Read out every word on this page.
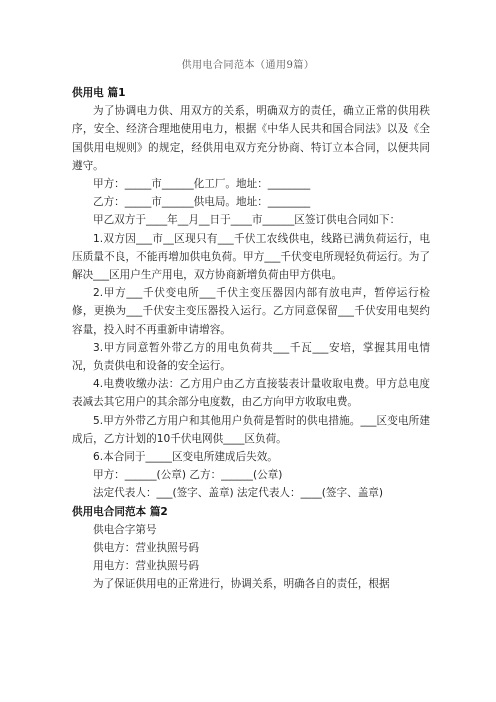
供用电合同范本（通用9篇）
供用电 篇1

为了协调电力供、用双方的关系，明确双方的责任，确立正常的供用秩序，安全、经济合理地使用电力，根据《中华人民共和国合同法》以及《全国供用电规则》的规定，经供用电双方充分协商、特订立本合同，以便共同遵守。

甲方：_____市______化工厂。地址：________

乙方：_____市______供电局。地址：________

甲乙双方于____年__月__日于____市______区签订供电合同如下：

1.双方因___市__区现只有___千伏工农线供电，线路已满负荷运行，电压质量不良，不能再增加供电负荷。甲方___千伏变电所现轻负荷运行。为了解决___区用户生产用电，双方协商新增负荷由甲方供电。

2.甲方___千伏变电所___千伏主变压器因内部有放电声，暂停运行检修，更换为___千伏安主变压器投入运行。乙方同意保留___千伏安用电契约容量，投入时不再重新申请增容。

3.甲方同意暂外带乙方的用电负荷共___千瓦___安培，掌握其用电情况，负责供电和设备的安全运行。

4.电费收缴办法：乙方用户由乙方直接装表计量收取电费。甲方总电度表减去其它用户的其余部分电度数，由乙方向甲方收取电费。

5.甲方外带乙方用户和其他用户负荷是暂时的供电措施。___区变电所建成后，乙方计划的10千伏电网供____区负荷。

6.本合同于_____区变电所建成后失效。

甲方：______(公章) 乙方：______(公章)

法定代表人：___(签字、盖章) 法定代表人：____(签字、盖章)

供用电合同范本 篇2

供电合字第号

供电方：营业执照号码

用电方：营业执照号码

为了保证供用电的正常进行，协调关系，明确各自的责任，根据
